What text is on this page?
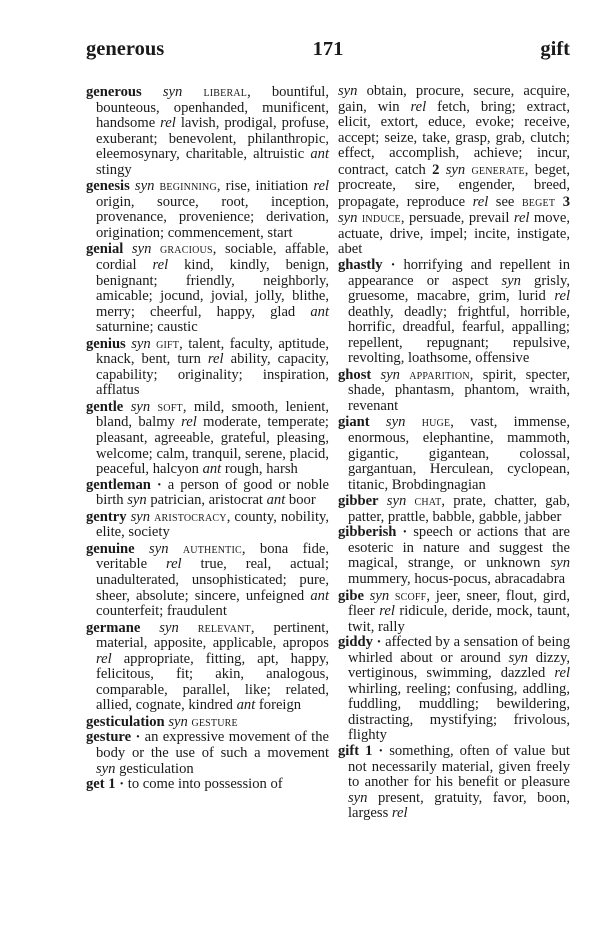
generous	171	gift

generous syn liberal, bountiful, bounteous, openhanded, munificent, handsome rel lavish, prodigal, profuse, exuberant; benevolent, philanthropic, eleemosynary, charitable, altruistic ant stingy

genesis syn beginning, rise, initiation rel origin, source, root, inception, provenance, provenience; derivation, origination; commencement, start

genial syn gracious, sociable, affable, cordial rel kind, kindly, benign, benignant; friendly, neighborly, amicable; jocund, jovial, jolly, blithe, merry; cheerful, happy, glad ant saturnine; caustic

genius syn gift, talent, faculty, aptitude, knack, bent, turn rel ability, capacity, capability; originality; inspiration, afflatus

gentle syn soft, mild, smooth, lenient, bland, balmy rel moderate, temperate; pleasant, agreeable, grateful, pleasing, welcome; calm, tranquil, serene, placid, peaceful, halcyon ant rough, harsh

gentleman · a person of good or noble birth syn patrician, aristocrat ant boor

gentry syn aristocracy, county, nobility, elite, society

genuine syn authentic, bona fide, veritable rel true, real, actual; unadulterated, unsophisticated; pure, sheer, absolute; sincere, unfeigned ant counterfeit; fraudulent

germane syn relevant, pertinent, material, apposite, applicable, apropos rel appropriate, fitting, apt, happy, felicitous, fit; akin, analogous, comparable, parallel, like; related, allied, cognate, kindred ant foreign

gesticulation syn gesture

gesture · an expressive movement of the body or the use of such a movement syn gesticulation

get 1 · to come into possession of

syn obtain, procure, secure, acquire, gain, win rel fetch, bring; extract, elicit, extort, educe, evoke; receive, accept; seize, take, grasp, grab, clutch; effect, accomplish, achieve; incur, contract, catch 2 syn generate, beget, procreate, sire, engender, breed, propagate, reproduce rel see beget 3 syn induce, persuade, prevail rel move, actuate, drive, impel; incite, instigate, abet

ghastly · horrifying and repellent in appearance or aspect syn grisly, gruesome, macabre, grim, lurid rel deathly, deadly; frightful, horrible, horrific, dreadful, fearful, appalling; repellent, repugnant; repulsive, revolting, loathsome, offensive

ghost syn apparition, spirit, specter, shade, phantasm, phantom, wraith, revenant

giant syn huge, vast, immense, enormous, elephantine, mammoth, gigantic, gigantean, colossal, gargantuan, Herculean, cyclopean, titanic, Brobdingnagian

gibber syn chat, prate, chatter, gab, patter, prattle, babble, gabble, jabber

gibberish · speech or actions that are esoteric in nature and suggest the magical, strange, or unknown syn mummery, hocus-pocus, abracadabra

gibe syn scoff, jeer, sneer, flout, gird, fleer rel ridicule, deride, mock, taunt, twit, rally

giddy · affected by a sensation of being whirled about or around syn dizzy, vertiginous, swimming, dazzled rel whirling, reeling; confusing, addling, fuddling, muddling; bewildering, distracting, mystifying; frivolous, flighty

gift 1 · something, often of value but not necessarily material, given freely to another for his benefit or pleasure syn present, gratuity, favor, boon, largess rel
